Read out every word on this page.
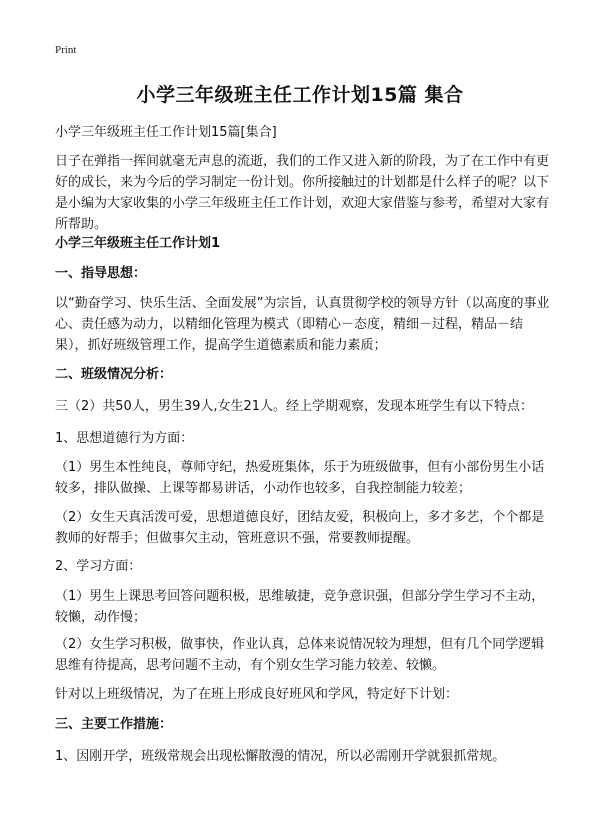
Print
小学三年级班主任工作计划15篇 集合
小学三年级班主任工作计划15篇[集合]
日子在弹指一挥间就毫无声息的流逝，我们的工作又进入新的阶段，为了在工作中有更好的成长，来为今后的学习制定一份计划。你所接触过的计划都是什么样子的呢？以下是小编为大家收集的小学三年级班主任工作计划，欢迎大家借鉴与参考，希望对大家有所帮助。
小学三年级班主任工作计划1
一、指导思想：
以“勤奋学习、快乐生活、全面发展”为宗旨，认真贯彻学校的领导方针（以高度的事业心、责任感为动力，以精细化管理为模式（即精心－态度，精细－过程，精品－结果），抓好班级管理工作，提高学生道德素质和能力素质；
二、班级情况分析：
三（2）共50人，男生39人,女生21人。经上学期观察，发现本班学生有以下特点：
1、思想道德行为方面：
（1）男生本性纯良，尊师守纪，热爱班集体，乐于为班级做事，但有小部份男生小话较多，排队做操、上课等都易讲话，小动作也较多，自我控制能力较差；
（2）女生天真活泼可爱，思想道德良好，团结友爱，积极向上，多才多艺，个个都是教师的好帮手；但做事欠主动，管班意识不强，常要教师提醒。
2、学习方面：
（1）男生上课思考回答问题积极，思维敏捷，竞争意识强，但部分学生学习不主动，较懒，动作慢；
（2）女生学习积极，做事快，作业认真，总体来说情况较为理想，但有几个同学逻辑思维有待提高，思考问题不主动，有个别女生学习能力较差、较懒。
针对以上班级情况，为了在班上形成良好班风和学风，特定好下计划：
三、主要工作措施：
1、因刚开学，班级常规会出现松懈散漫的情况，所以必需刚开学就狠抓常规。
